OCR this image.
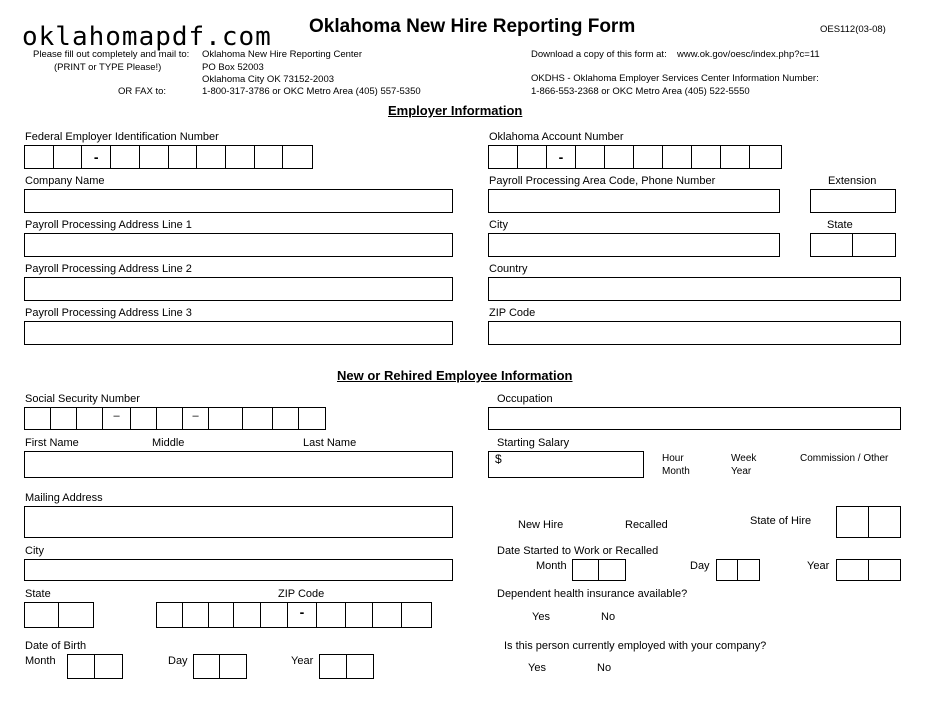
oklahomapdf.com Oklahoma New Hire Reporting Form	OES112(03-08)
Please fill out completely and mail to:
(PRINT or TYPE Please!)
OR FAX to:
Oklahoma New Hire Reporting Center
PO Box 52003
Oklahoma City OK 73152-2003
1-800-317-3786 or OKC Metro Area (405) 557-5350
Download a copy of this form at: www.ok.gov/oesc/index.php?c=11
OKDHS - Oklahoma Employer Services Center Information Number:
1-866-553-2368 or OKC Metro Area (405) 522-5550
Employer Information
Federal Employer Identification Number
-
Oklahoma Account Number
-
Company Name	Payroll Processing Area Code, Phone Number	Extension
Payroll Processing Address Line 1	City	State
Payroll Processing Address Line 2	Country
Payroll Processing Address Line 3	ZIP Code
New or Rehired Employee Information
Social Security Number
–	–
Occupation
First Name	Middle	Last Name	Starting Salary
$	Hour	Week	Commission / Other
Month	Year
Mailing Address
New Hire	Recalled	State of Hire
City	Date Started to Work or Recalled
Month	Day	Year
State	ZIP Code
-
Dependent health insurance available?
Yes	No
Date of Birth
Month	Day	Year
Is this person currently employed with your company?
Yes	No
